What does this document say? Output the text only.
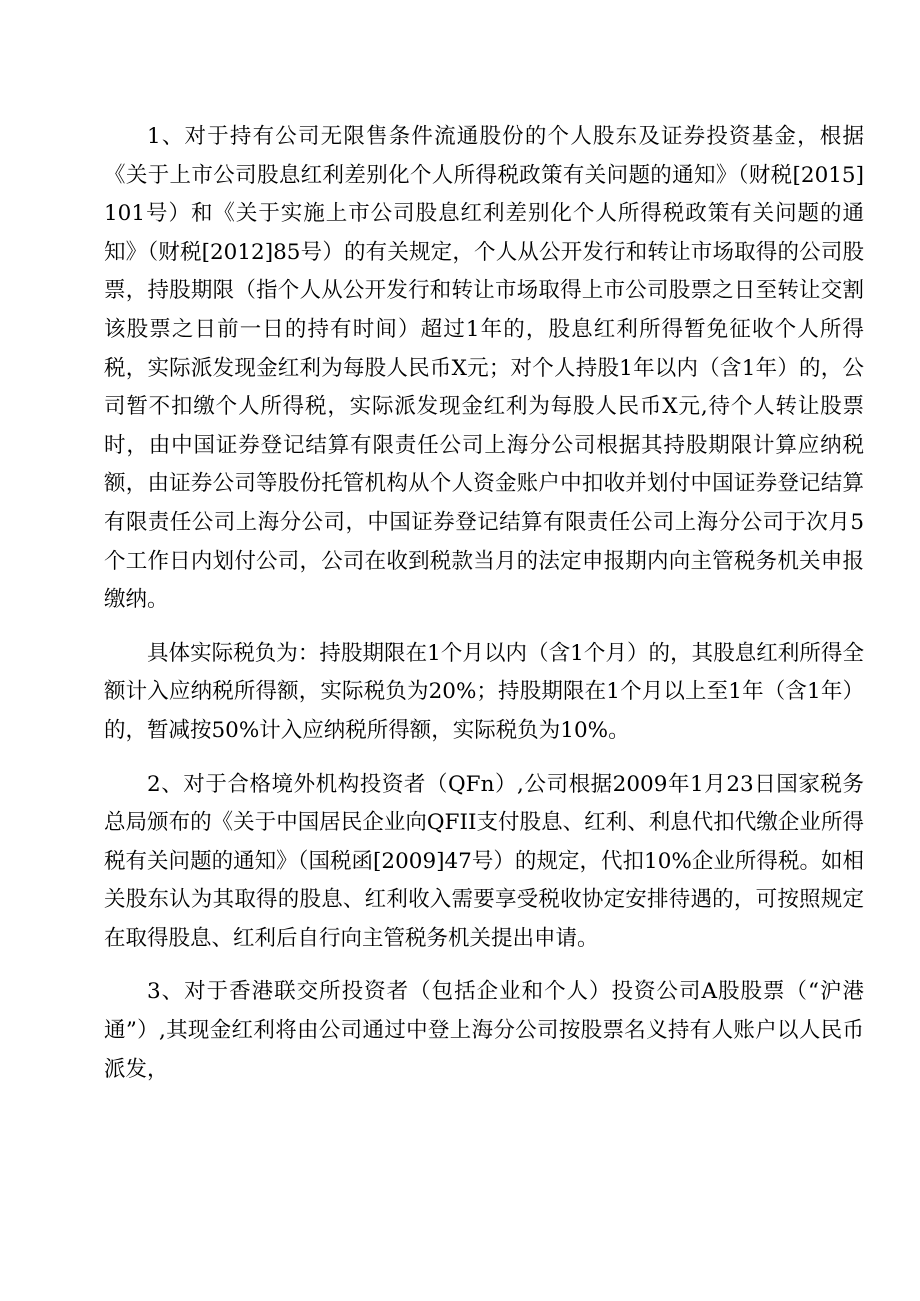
1、对于持有公司无限售条件流通股份的个人股东及证券投资基金，根据《关于上市公司股息红利差别化个人所得税政策有关问题的通知》（财税[2015]101号）和《关于实施上市公司股息红利差别化个人所得税政策有关问题的通知》（财税[2012]85号）的有关规定，个人从公开发行和转让市场取得的公司股票，持股期限（指个人从公开发行和转让市场取得上市公司股票之日至转让交割该股票之日前一日的持有时间）超过1年的，股息红利所得暂免征收个人所得税，实际派发现金红利为每股人民币X元；对个人持股1年以内（含1年）的，公司暂不扣缴个人所得税，实际派发现金红利为每股人民币X元,待个人转让股票时，由中国证券登记结算有限责任公司上海分公司根据其持股期限计算应纳税额，由证券公司等股份托管机构从个人资金账户中扣收并划付中国证券登记结算有限责任公司上海分公司，中国证券登记结算有限责任公司上海分公司于次月5个工作日内划付公司，公司在收到税款当月的法定申报期内向主管税务机关申报缴纳。

具体实际税负为：持股期限在1个月以内（含1个月）的，其股息红利所得全额计入应纳税所得额，实际税负为20%；持股期限在1个月以上至1年（含1年）的，暂减按50%计入应纳税所得额，实际税负为10%。

2、对于合格境外机构投资者（QFn）,公司根据2009年1月23日国家税务总局颁布的《关于中国居民企业向QFII支付股息、红利、利息代扣代缴企业所得税有关问题的通知》（国税函[2009]47号）的规定，代扣10%企业所得税。如相关股东认为其取得的股息、红利收入需要享受税收协定安排待遇的，可按照规定在取得股息、红利后自行向主管税务机关提出申请。

3、对于香港联交所投资者（包括企业和个人）投资公司A股股票（“沪港通”）,其现金红利将由公司通过中登上海分公司按股票名义持有人账户以人民币派发，
